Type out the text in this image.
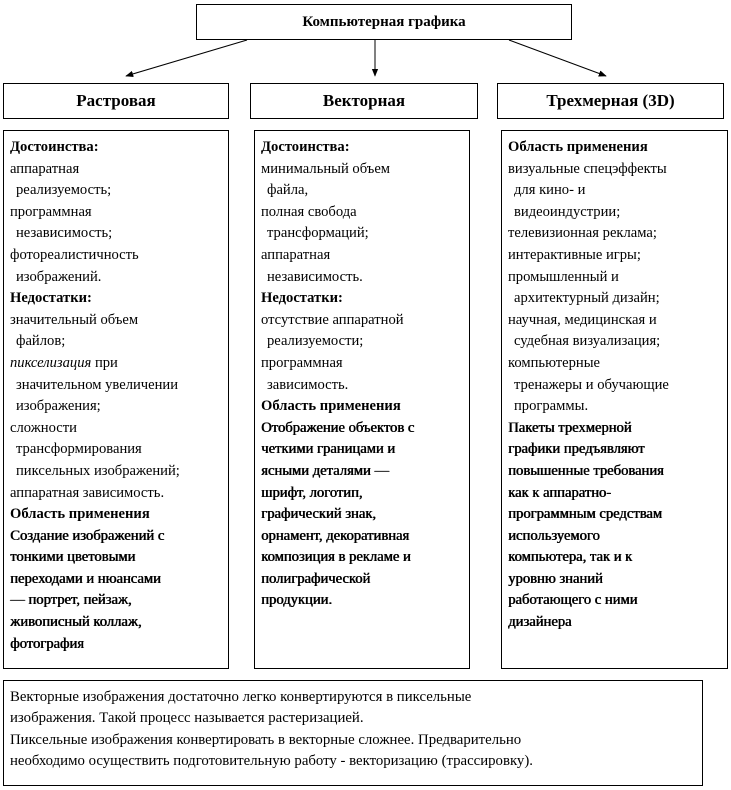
Компьютерная графика
Растровая	Векторная	Трехмерная (3D)
Достоинства:
аппаратная
реализуемость;
программная
независимость;
фотореалистичность
изображений.
Недостатки:
значительный объем
файлов;
пикселизация при
значительном увеличении
изображения;
сложности
трансформирования
пиксельных изображений;
аппаратная зависимость.
Область применения
Создание изображений с
тонкими цветовыми
переходами и нюансами
— портрет, пейзаж,
живописный коллаж,
фотография
Достоинства:
минимальный объем
файла,
полная свобода
трансформаций;
аппаратная
независимость.
Недостатки:
отсутствие аппаратной
реализуемости;
программная
зависимость.
Область применения
Отображение объектов с
четкими границами и
ясными деталями —
шрифт, логотип,
графический знак,
орнамент, декоративная
композиция в рекламе и
полиграфической
продукции.
Область применения
визуальные спецэффекты
для кино- и
видеоиндустрии;
телевизионная реклама;
интерактивные игры;
промышленный и
архитектурный дизайн;
научная, медицинская и
судебная визуализация;
компьютерные
тренажеры и обучающие
программы.
Пакеты трехмерной
графики предъявляют
повышенные требования
как к аппаратно-
программным средствам
используемого
компьютера, так и к
уровню знаний
работающего с ними
дизайнера
Векторные изображения достаточно легко конвертируются в пиксельные
изображения. Такой процесс называется растеризацией.
Пиксельные изображения конвертировать в векторные сложнее. Предварительно
необходимо осуществить подготовительную работу - векторизацию (трассировку).
